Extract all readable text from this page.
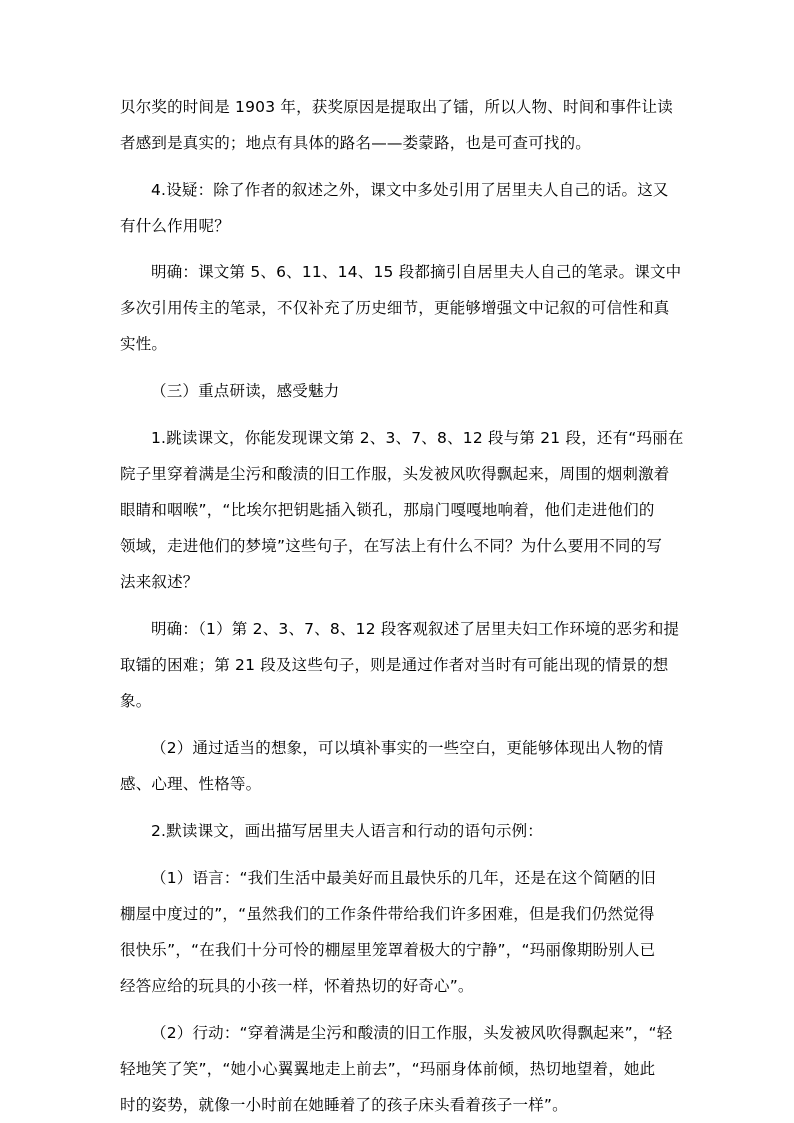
贝尔奖的时间是 1903 年，获奖原因是提取出了镭，所以人物、时间和事件让读
者感到是真实的；地点有具体的路名——娄蒙路，也是可查可找的。
4.设疑：除了作者的叙述之外，课文中多处引用了居里夫人自己的话。这又
有什么作用呢？
明确：课文第 5、6、11、14、15 段都摘引自居里夫人自己的笔录。课文中
多次引用传主的笔录，不仅补充了历史细节，更能够增强文中记叙的可信性和真
实性。
（三）重点研读，感受魅力
1.跳读课文，你能发现课文第 2、3、7、8、12 段与第 21 段，还有“玛丽在
院子里穿着满是尘污和酸渍的旧工作服，头发被风吹得飘起来，周围的烟刺激着
眼睛和咽喉”，“比埃尔把钥匙插入锁孔，那扇门嘎嘎地响着，他们走进他们的
领域，走进他们的梦境”这些句子，在写法上有什么不同？为什么要用不同的写
法来叙述？
明确：（1）第 2、3、7、8、12 段客观叙述了居里夫妇工作环境的恶劣和提
取镭的困难；第 21 段及这些句子，则是通过作者对当时有可能出现的情景的想
象。
（2）通过适当的想象，可以填补事实的一些空白，更能够体现出人物的情
感、心理、性格等。
2.默读课文，画出描写居里夫人语言和行动的语句示例：
（1）语言：“我们生活中最美好而且最快乐的几年，还是在这个简陋的旧
棚屋中度过的”，“虽然我们的工作条件带给我们许多困难，但是我们仍然觉得
很快乐”，“在我们十分可怜的棚屋里笼罩着极大的宁静”，“玛丽像期盼别人已
经答应给的玩具的小孩一样，怀着热切的好奇心”。
（2）行动：“穿着满是尘污和酸渍的旧工作服，头发被风吹得飘起来”，“轻
轻地笑了笑”，“她小心翼翼地走上前去”，“玛丽身体前倾，热切地望着，她此
时的姿势，就像一小时前在她睡着了的孩子床头看着孩子一样”。
